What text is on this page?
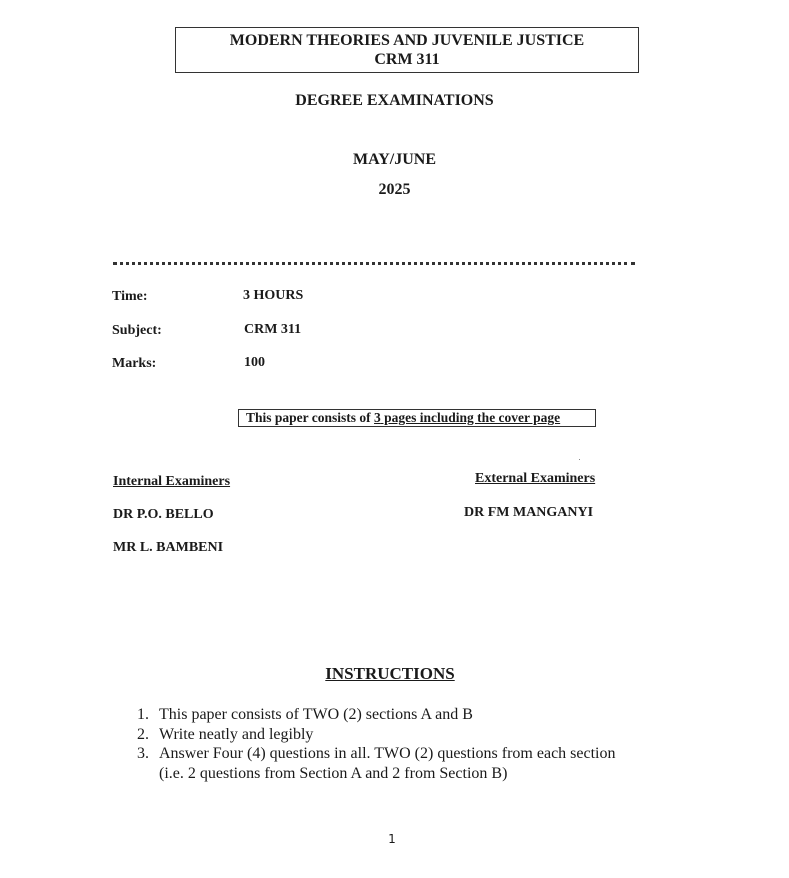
MODERN THEORIES AND JUVENILE JUSTICE
CRM 311
DEGREE EXAMINATIONS
MAY/JUNE
2025
Time:	3 HOURS
Subject:	CRM 311
Marks:	100
This paper consists of 3 pages including the cover page
Internal Examiners
DR P.O. BELLO
MR L. BAMBENI
External Examiners
DR FM MANGANYI
INSTRUCTIONS
1. This paper consists of TWO (2) sections A and B
2. Write neatly and legibly
3. Answer Four (4) questions in all. TWO (2) questions from each section
(i.e. 2 questions from Section A and 2 from Section B)
1
